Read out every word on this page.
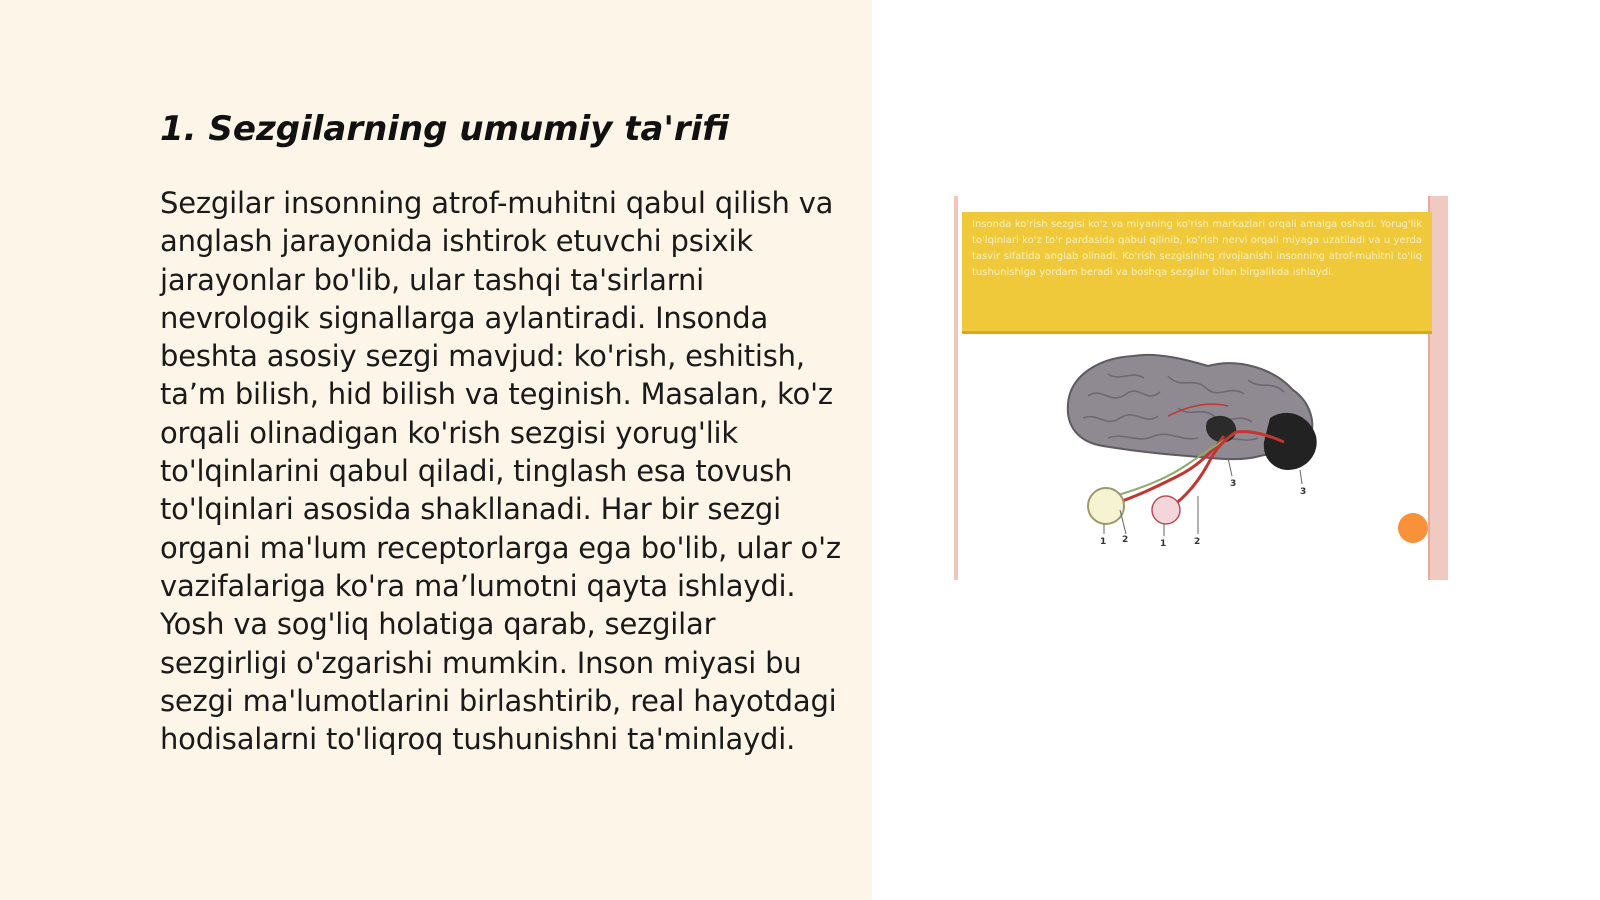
1. Sezgilarning umumiy ta'rifi

Sezgilar insonning atrof-muhitni qabul qilish va anglash jarayonida ishtirok etuvchi psixik jarayonlar bo'lib, ular tashqi ta'sirlarni nevrologik signallarga aylantiradi. Insonda beshta asosiy sezgi mavjud: ko'rish, eshitish, ta’m bilish, hid bilish va teginish. Masalan, ko'z orqali olinadigan ko'rish sezgisi yorug'lik to'lqinlarini qabul qiladi, tinglash esa tovush to'lqinlari asosida shakllanadi. Har bir sezgi organi ma'lum receptorlarga ega bo'lib, ular o'z vazifalariga ko'ra ma’lumotni qayta ishlaydi. Yosh va sog'liq holatiga qarab, sezgilar sezgirligi o'zgarishi mumkin. Inson miyasi bu sezgi ma'lumotlarini birlashtirib, real hayotdagi hodisalarni to'liqroq tushunishni ta'minlaydi.

Insonda ko'rish sezgisi ko'z va miyaning ko'rish markazlari orqali amalga oshadi. Yorug'lik to'lqinlari ko'z to'r pardasida qabul qilinib, ko'rish nervi orqali miyaga uzatiladi va u yerda tasvir sifatida anglab olinadi. Ko'rish sezgisining rivojlanishi insonning atrof-muhitni to'liq tushunishiga yordam beradi va boshqa sezgilar bilan birgalikda ishlaydi.
1 2	1	2
3
3
